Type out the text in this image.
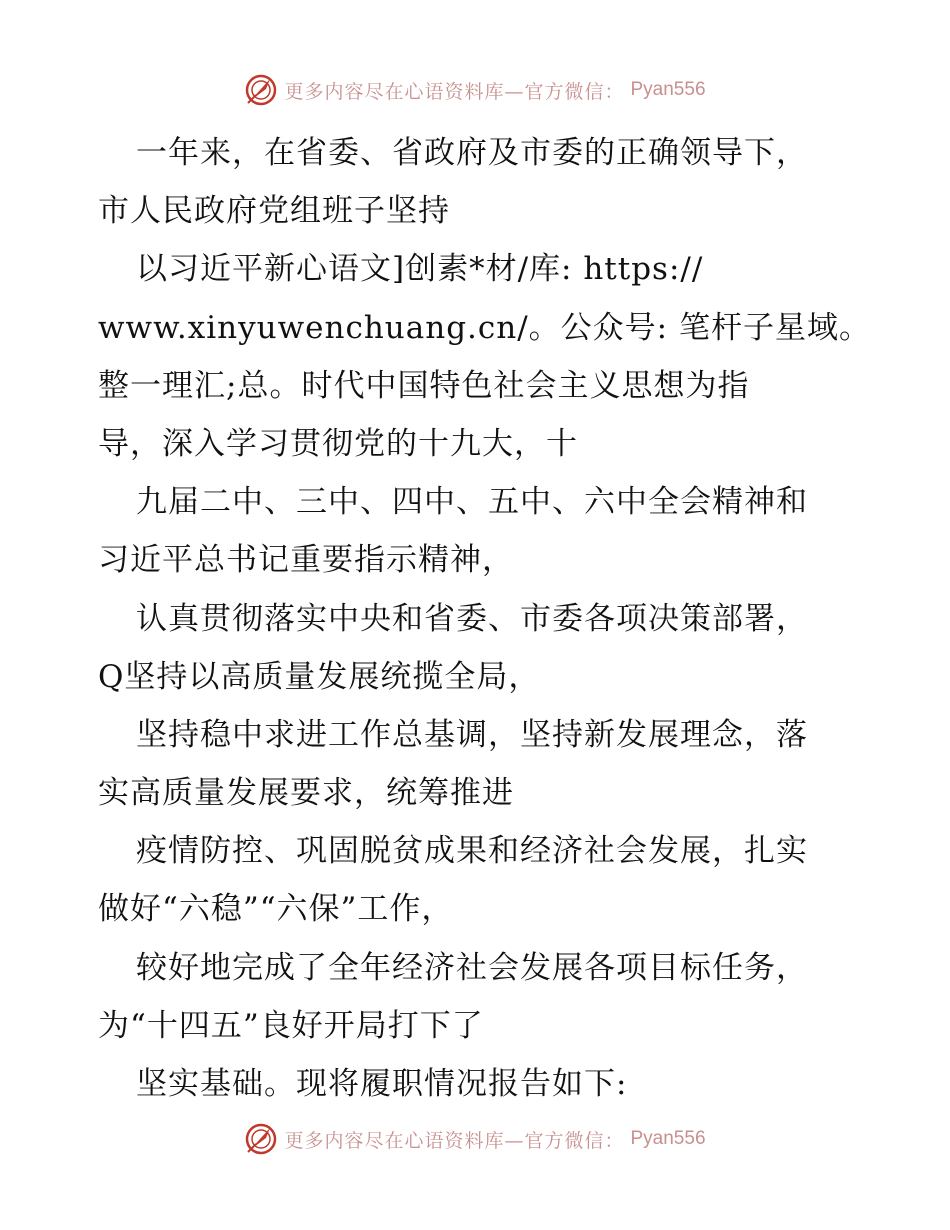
更多内容尽在心语资料库—官方微信： Pyan556
一年来，在省委、省政府及市委的正确领导下，
市人民政府党组班子坚持
以习近平新心语文]创素*材/库: https://
www.xinyuwenchuang.cn/。公众号: 笔杆子星域。
整一理汇;总。时代中国特色社会主义思想为指
导，深入学习贯彻党的十九大，十
九届二中、三中、四中、五中、六中全会精神和
习近平总书记重要指示精神，
认真贯彻落实中央和省委、市委各项决策部署，
Q坚持以高质量发展统揽全局，
坚持稳中求进工作总基调，坚持新发展理念，落
实高质量发展要求，统筹推进
疫情防控、巩固脱贫成果和经济社会发展，扎实
做好“六稳”“六保”工作，
较好地完成了全年经济社会发展各项目标任务，
为“十四五”良好开局打下了
坚实基础。现将履职情况报告如下:
更多内容尽在心语资料库—官方微信： Pyan556
